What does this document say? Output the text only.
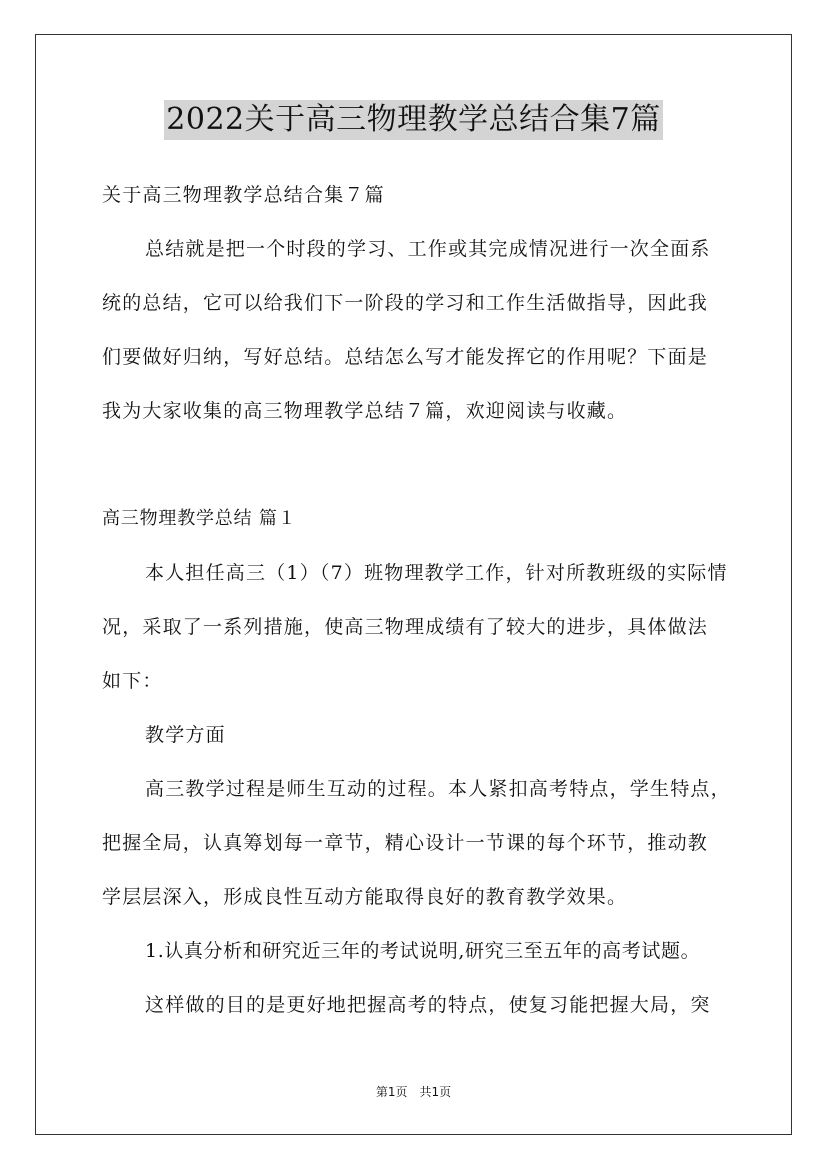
2022关于高三物理教学总结合集7篇
关于高三物理教学总结合集７篇
总结就是把一个时段的学习、工作或其完成情况进行一次全面系
统的总结，它可以给我们下一阶段的学习和工作生活做指导，因此我
们要做好归纳，写好总结。总结怎么写才能发挥它的作用呢？下面是
我为大家收集的高三物理教学总结７篇，欢迎阅读与收藏。
高三物理教学总结 篇１
本人担任高三（1）（7）班物理教学工作，针对所教班级的实际情
况，采取了一系列措施，使高三物理成绩有了较大的进步，具体做法
如下：
教学方面
高三教学过程是师生互动的过程。本人紧扣高考特点，学生特点，
把握全局，认真筹划每一章节，精心设计一节课的每个环节，推动教
学层层深入，形成良性互动方能取得良好的教育教学效果。
1.认真分析和研究近三年的考试说明,研究三至五年的高考试题。
这样做的目的是更好地把握高考的特点，使复习能把握大局，突
第1页　共1页
